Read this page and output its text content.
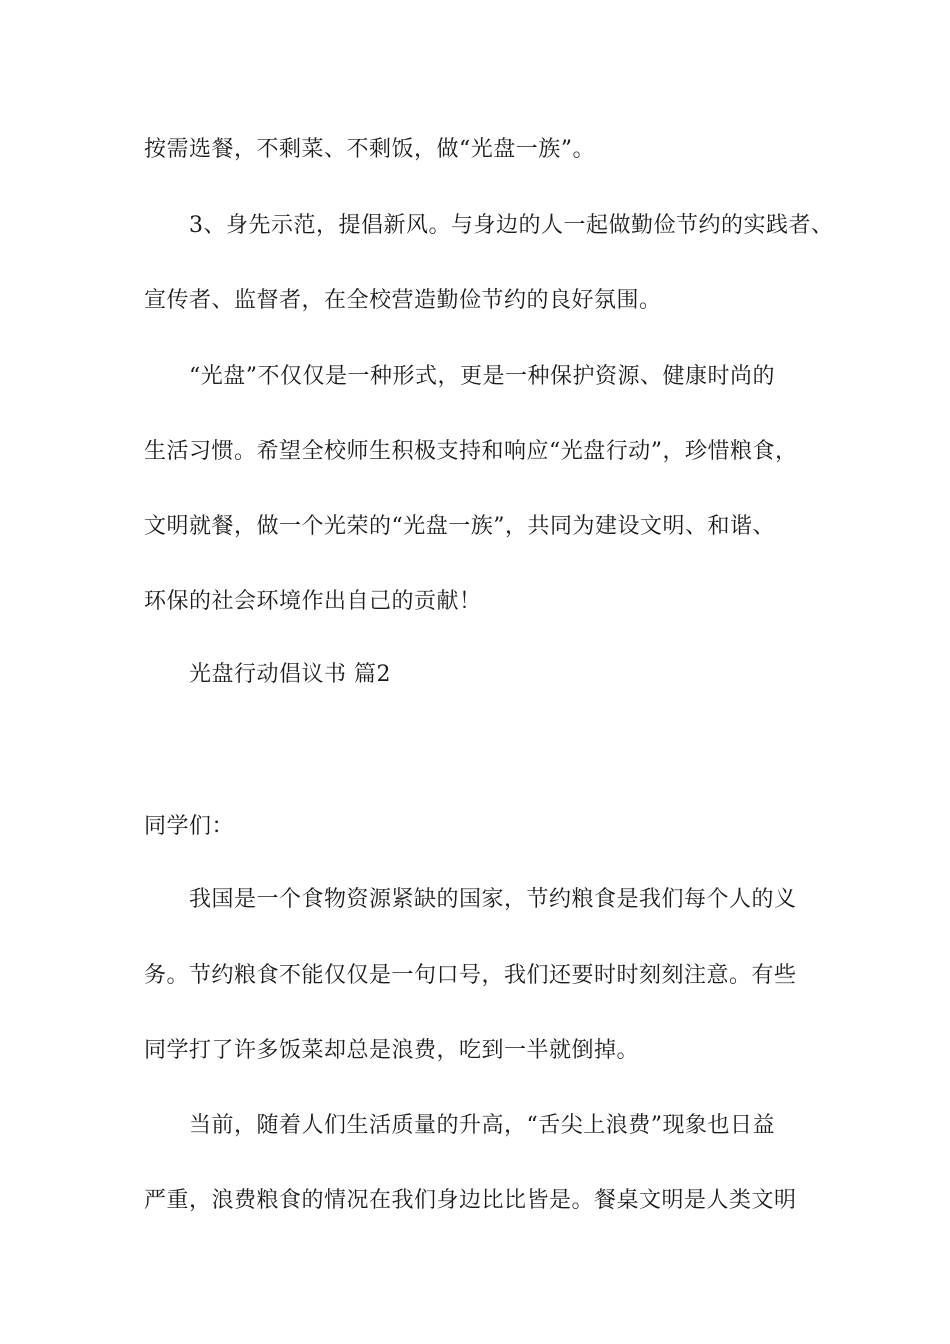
按需选餐，不剩菜、不剩饭，做“光盘一族”。
3、身先示范，提倡新风。与身边的人一起做勤俭节约的实践者、
宣传者、监督者，在全校营造勤俭节约的良好氛围。
“光盘”不仅仅是一种形式，更是一种保护资源、健康时尚的
生活习惯。希望全校师生积极支持和响应“光盘行动”，珍惜粮食，
文明就餐，做一个光荣的“光盘一族”，共同为建设文明、和谐、
环保的社会环境作出自己的贡献！
光盘行动倡议书 篇2
同学们：
我国是一个食物资源紧缺的国家，节约粮食是我们每个人的义
务。节约粮食不能仅仅是一句口号，我们还要时时刻刻注意。有些
同学打了许多饭菜却总是浪费，吃到一半就倒掉。
当前，随着人们生活质量的升高，“舌尖上浪费”现象也日益
严重，浪费粮食的情况在我们身边比比皆是。餐桌文明是人类文明
